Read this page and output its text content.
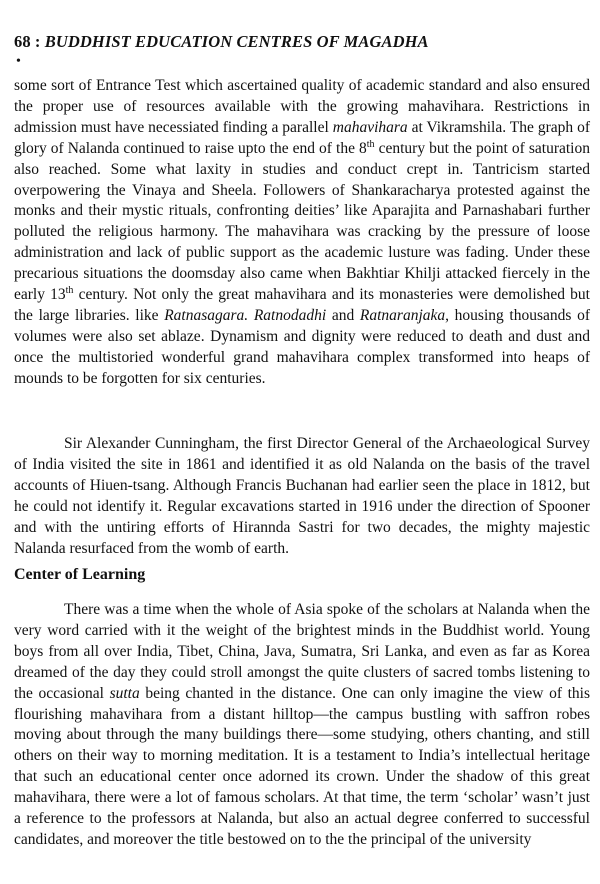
68 : BUDDHIST EDUCATION CENTRES OF MAGADHA
•

some sort of Entrance Test which ascertained quality of academic standard and also ensured the proper use of resources available with the growing mahavihara. Restrictions in admission must have necessiated finding a parallel mahavihara at Vikramshila. The graph of glory of Nalanda continued to raise upto the end of the 8th century but the point of saturation also reached. Some what laxity in studies and conduct crept in. Tantricism started overpowering the Vinaya and Sheela. Followers of Shankaracharya protested against the monks and their mystic rituals, confronting deities’ like Aparajita and Parnashabari further polluted the religious harmony. The mahavihara was cracking by the pressure of loose administration and lack of public support as the academic lusture was fading. Under these precarious situations the doomsday also came when Bakhtiar Khilji attacked fiercely in the early 13th century. Not only the great mahavihara and its monasteries were demolished but the large libraries. like Ratnasagara. Ratnodadhi and Ratnaranjaka, housing thousands of volumes were also set ablaze. Dynamism and dignity were reduced to death and dust and once the multistoried wonderful grand mahavihara complex transformed into heaps of mounds to be forgotten for six centuries.

Sir Alexander Cunningham, the first Director General of the Archaeological Survey of India visited the site in 1861 and identified it as old Nalanda on the basis of the travel accounts of Hiuen-tsang. Although Francis Buchanan had earlier seen the place in 1812, but he could not identify it. Regular excavations started in 1916 under the direction of Spooner and with the untiring efforts of Hirannda Sastri for two decades, the mighty majestic Nalanda resurfaced from the womb of earth.

Center of Learning

There was a time when the whole of Asia spoke of the scholars at Nalanda when the very word carried with it the weight of the brightest minds in the Buddhist world. Young boys from all over India, Tibet, China, Java, Sumatra, Sri Lanka, and even as far as Korea dreamed of the day they could stroll amongst the quite clusters of sacred tombs listening to the occasional sutta being chanted in the distance. One can only imagine the view of this flourishing mahavihara from a distant hilltop—the campus bustling with saffron robes moving about through the many buildings there—some studying, others chanting, and still others on their way to morning meditation. It is a testament to India’s intellectual heritage that such an educational center once adorned its crown. Under the shadow of this great mahavihara, there were a lot of famous scholars. At that time, the term ‘scholar’ wasn’t just a reference to the professors at Nalanda, but also an actual degree conferred to successful candidates, and moreover the title bestowed on to the the principal of the university
